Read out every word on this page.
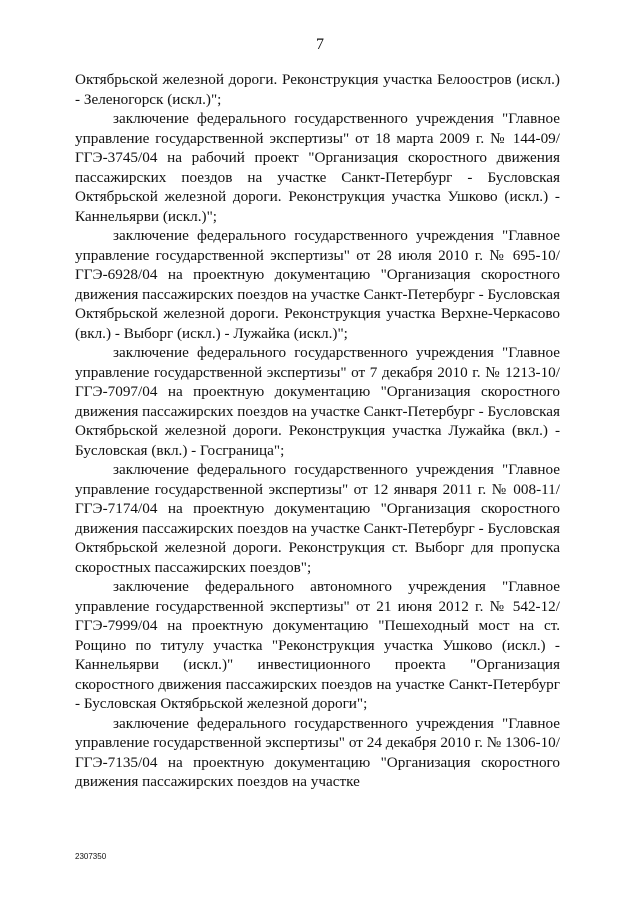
7

Октябрьской железной дороги. Реконструкция участка Белоостров (искл.) - Зеленогорск (искл.)";

заключение федерального государственного учреждения "Главное управление государственной экспертизы" от 18 марта 2009 г. № 144-09/ГГЭ-3745/04 на рабочий проект "Организация скоростного движения пассажирских поездов на участке Санкт-Петербург - Бусловская Октябрьской железной дороги. Реконструкция участка Ушково (искл.) - Каннельярви (искл.)";

заключение федерального государственного учреждения "Главное управление государственной экспертизы" от 28 июля 2010 г. № 695-10/ГГЭ-6928/04 на проектную документацию "Организация скоростного движения пассажирских поездов на участке Санкт-Петербург - Бусловская Октябрьской железной дороги. Реконструкция участка Верхне-Черкасово (вкл.) - Выборг (искл.) - Лужайка (искл.)";

заключение федерального государственного учреждения "Главное управление государственной экспертизы" от 7 декабря 2010 г. № 1213-10/ГГЭ-7097/04 на проектную документацию "Организация скоростного движения пассажирских поездов на участке Санкт-Петербург - Бусловская Октябрьской железной дороги. Реконструкция участка Лужайка (вкл.) - Бусловская (вкл.) - Госграница";

заключение федерального государственного учреждения "Главное управление государственной экспертизы" от 12 января 2011 г. № 008-11/ГГЭ-7174/04 на проектную документацию "Организация скоростного движения пассажирских поездов на участке Санкт-Петербург - Бусловская Октябрьской железной дороги. Реконструкция ст. Выборг для пропуска скоростных пассажирских поездов";

заключение федерального автономного учреждения "Главное управление государственной экспертизы" от 21 июня 2012 г. № 542-12/ГГЭ-7999/04 на проектную документацию "Пешеходный мост на ст. Рощино по титулу участка "Реконструкция участка Ушково (искл.) - Каннельярви (искл.)" инвестиционного проекта "Организация скоростного движения пассажирских поездов на участке Санкт-Петербург - Бусловская Октябрьской железной дороги";

заключение федерального государственного учреждения "Главное управление государственной экспертизы" от 24 декабря 2010 г. № 1306-10/ГГЭ-7135/04 на проектную документацию "Организация скоростного движения пассажирских поездов на участке

2307350
